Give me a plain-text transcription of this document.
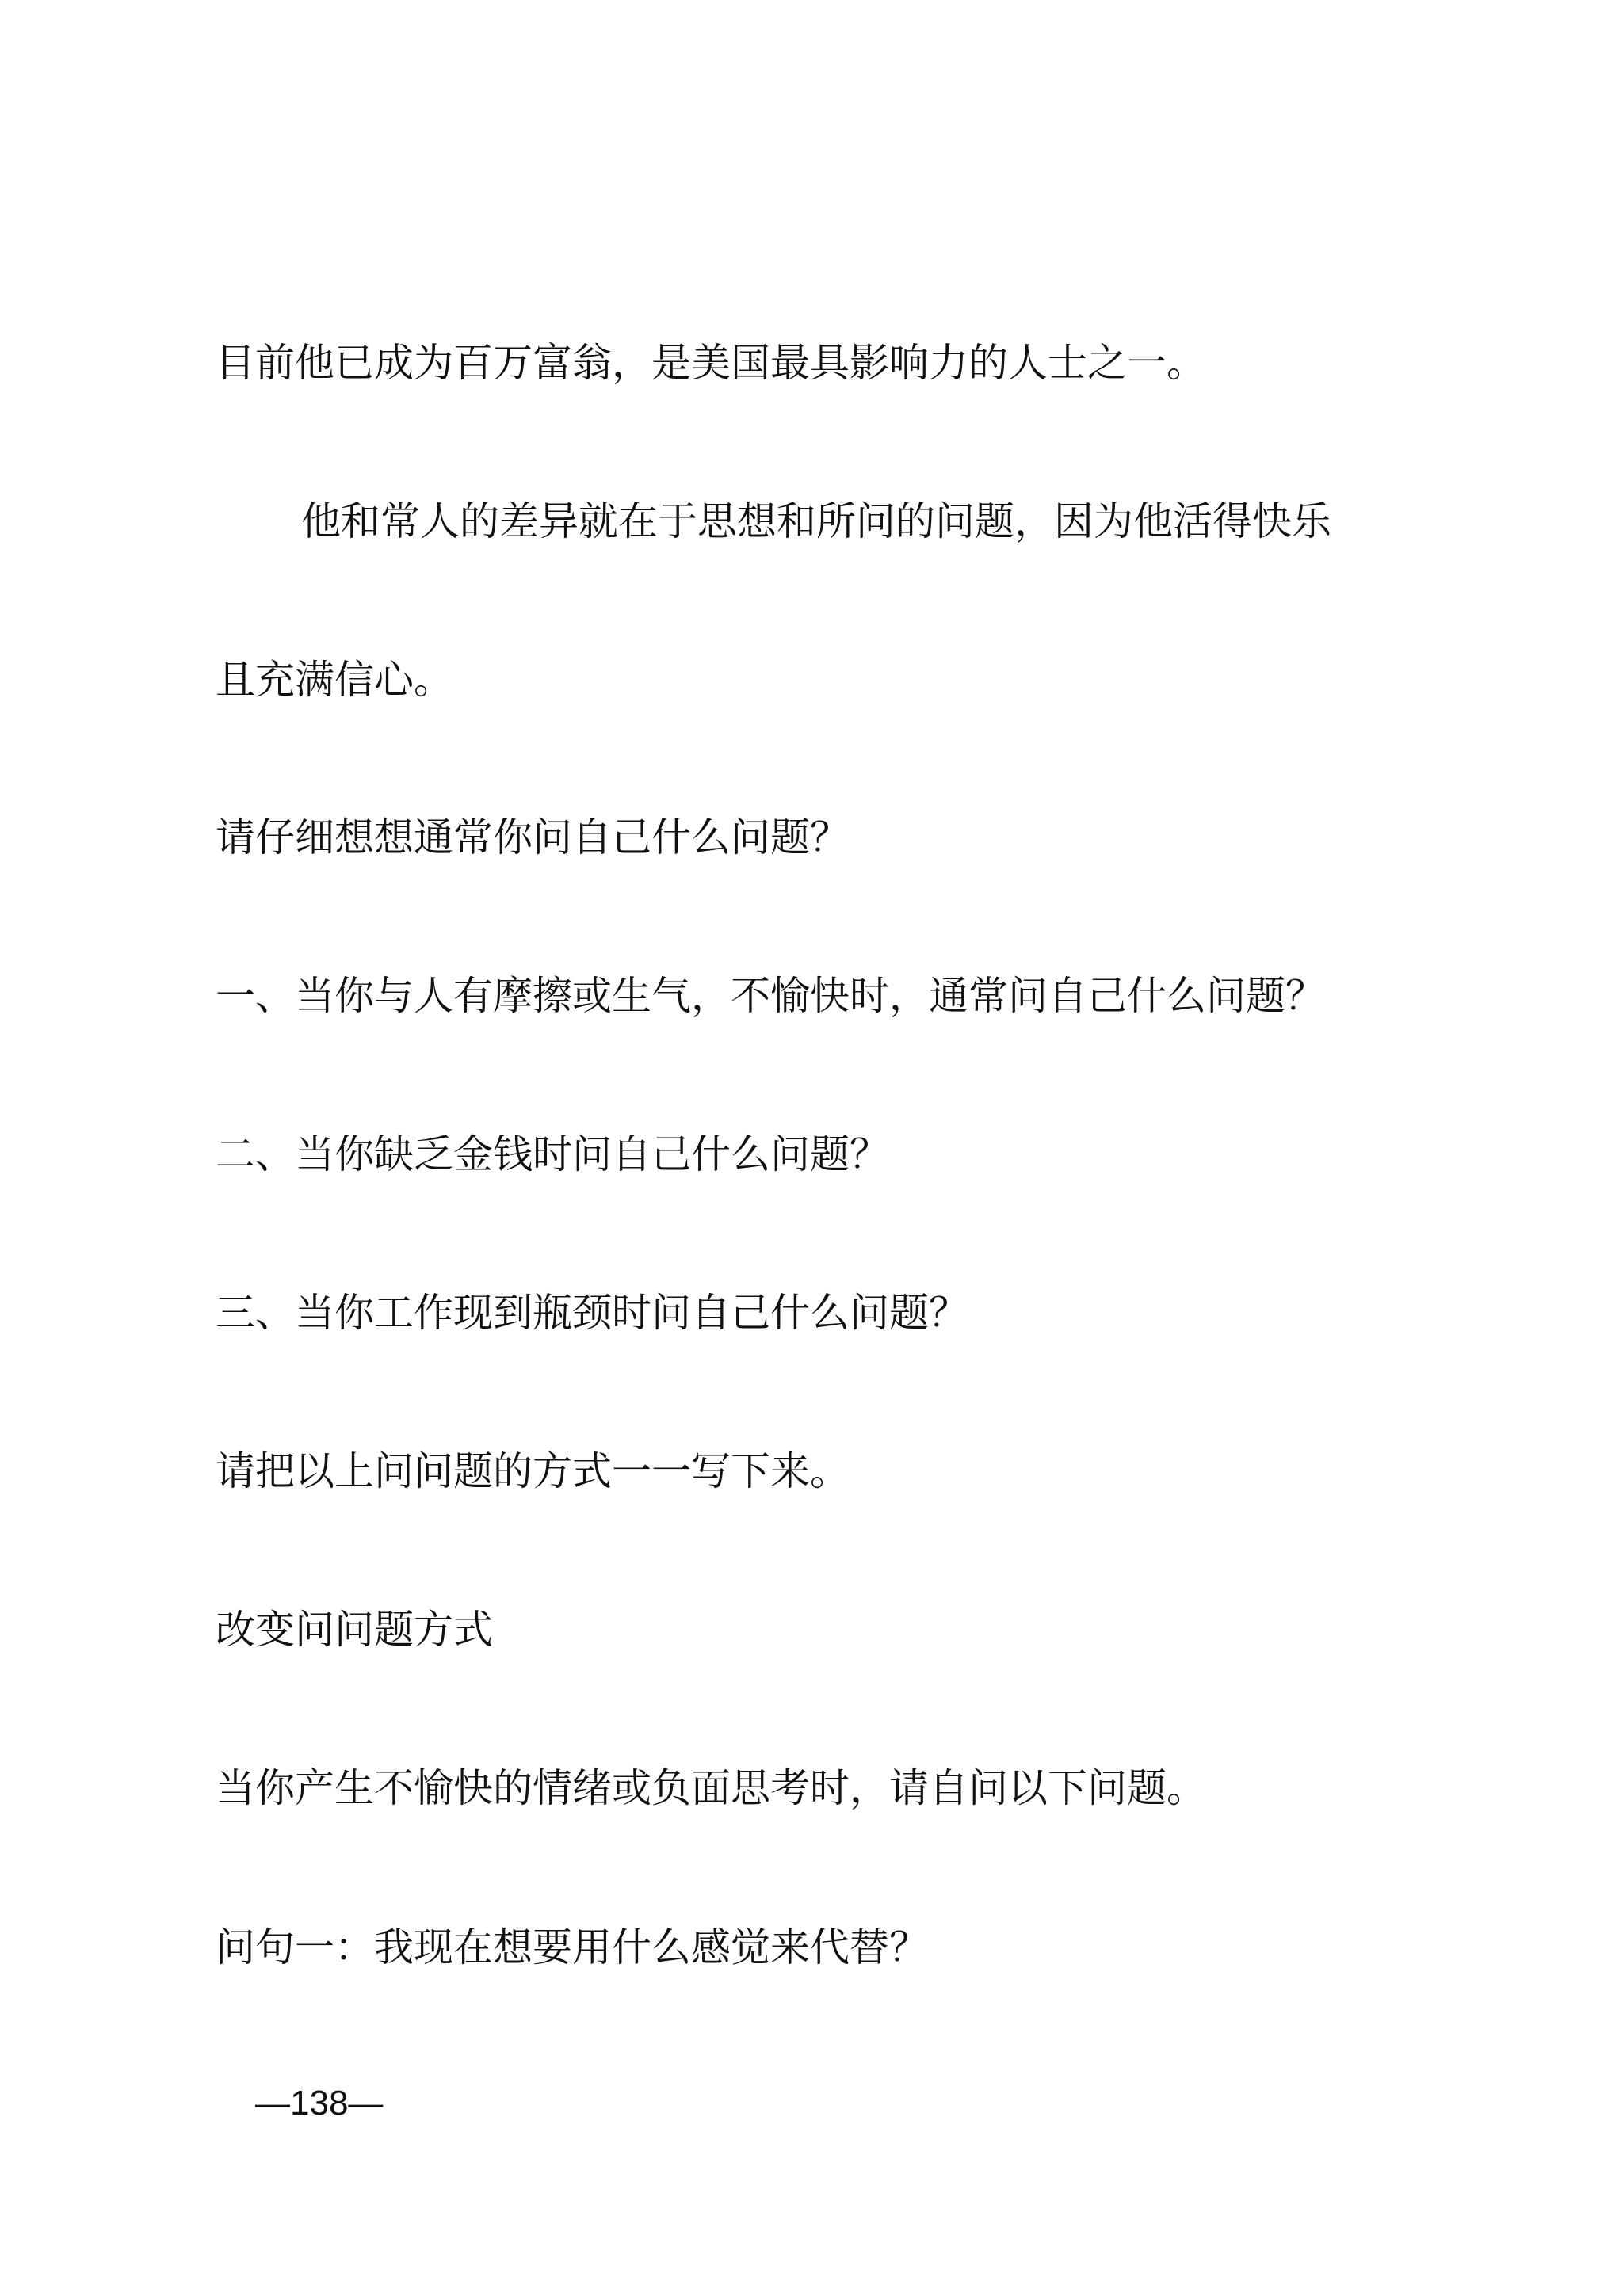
目前他已成为百万富翁，是美国最具影响力的人士之一。
他和常人的差异就在于思想和所问的问题，因为他活得快乐
且充满信心。
请仔细想想通常你问自己什么问题？
一、当你与人有摩擦或生气，不愉快时，通常问自己什么问题？
二、当你缺乏金钱时问自己什么问题？
三、当你工作现到瓶颈时问自己什么问题？
请把以上问问题的方式一一写下来。
改变问问题方式
当你产生不愉快的情绪或负面思考时，请自问以下问题。
问句一：我现在想要用什么感觉来代替？
—138—
